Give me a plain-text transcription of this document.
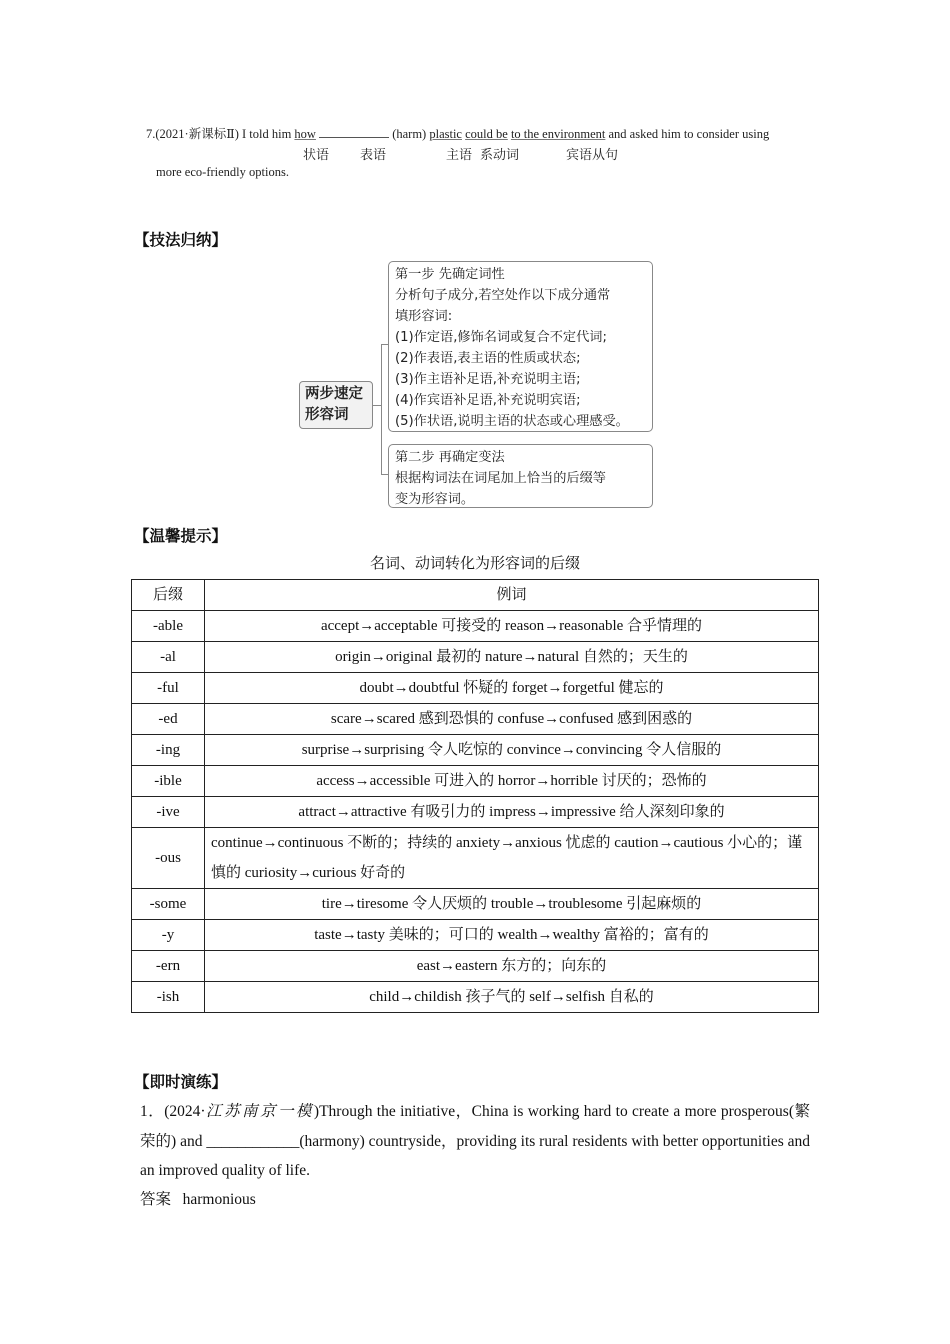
7.(2021·新课标Ⅱ) I told him how	(harm) plastic could be to the environment and asked him to consider using
状语 表语	主语 系动词	宾语从句
more eco-friendly options.
【技法归纳】
两步速定
形容词
第一步 先确定词性
分析句子成分,若空处作以下成分通常
填形容词:
(1)作定语,修饰名词或复合不定代词;
(2)作表语,表主语的性质或状态;
(3)作主语补足语,补充说明主语;
(4)作宾语补足语,补充说明宾语;
(5)作状语,说明主语的状态或心理感受。
第二步 再确定变法
根据构词法在词尾加上恰当的后缀等
变为形容词。
【温馨提示】
名词、动词转化为形容词的后缀
后缀	例词
-able	accept→acceptable 可接受的 reason→reasonable 合乎情理的
-al	origin→original 最初的 nature→natural 自然的；天生的
-ful	doubt→doubtful 怀疑的 forget→forgetful 健忘的
-ed	scare→scared 感到恐惧的 confuse→confused 感到困惑的
-ing	surprise→surprising 令人吃惊的 convince→convincing 令人信服的
-ible	access→accessible 可进入的 horror→horrible 讨厌的；恐怖的
-ive	attract→attractive 有吸引力的 impress→impressive 给人深刻印象的
-ous	continue→continuous 不断的；持续的 anxiety→anxious 忧虑的 caution→cautious 小心的；谨慎的 curiosity→curious 好奇的
-some	tire→tiresome 令人厌烦的 trouble→troublesome 引起麻烦的
-y	taste→tasty 美味的；可口的 wealth→wealthy 富裕的；富有的
-ern	east→eastern 东方的；向东的
-ish	child→childish 孩子气的 self→selfish 自私的
【即时演练】
1．(2024·江苏南京一模)Through the initiative，China is working hard to create a more prosperous(繁荣的) and ____________(harmony) countryside，providing its rural residents with better opportunities and an improved quality of life.
答案 harmonious
